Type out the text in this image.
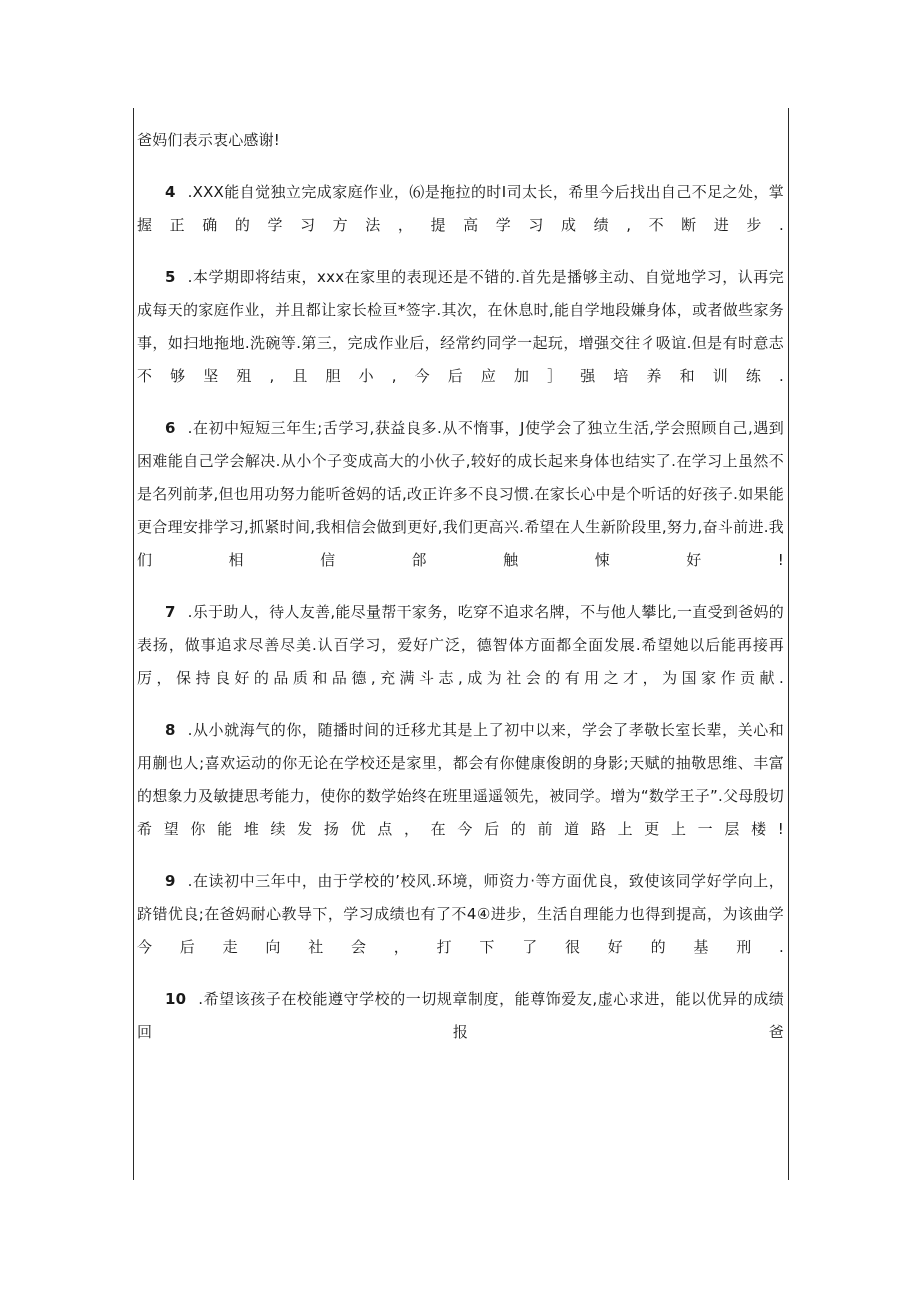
爸妈们表示衷心感谢!

4 .XXX能自觉独立完成家庭作业，⑹是拖拉的时I司太长，希里今后找出自己不足之处，掌握正确的学习方法，提高学习成绩,不断进步.

5 .本学期即将结束，xxx在家里的表现还是不错的.首先是播够主动、自觉地学习，认再完成每天的家庭作业，并且都让家长检亘*签字.其次，在休息时,能自学地段嫌身体，或者做些家务事，如扫地拖地.洗碗等.第三，完成作业后，经常约同学一起玩，增强交往彳吸谊.但是有时意志不够坚殂,且胆小,今后应加］强培养和训练.

6 .在初中短短三年生;舌学习,获益良多.从不惰事，J使学会了独立生活,学会照顾自己,遇到困难能自己学会解决.从小个子变成高大的小伙子,较好的成长起来身体也结实了.在学习上虽然不是名列前茅,但也用功努力能听爸妈的话,改正许多不良习惯.在家长心中是个听话的好孩子.如果能更合理安排学习,抓紧时间,我相信会做到更好,我们更高兴.希望在人生新阶段里,努力,奋斗前进.我们相信郃触悚好!

7 .乐于助人，待人友善,能尽量帮干家务，吃穿不追求名牌，不与他人攀比,一直受到爸妈的表扬，做事追求尽善尽美.认百学习，爱好广泛，德智体方面都全面发展.希望她以后能再接再厉，保持良好的品质和品德,充满斗志,成为社会的有用之才，为国家作贡献.

8 .从小就海气的你，随播时间的迁移尤其是上了初中以来，学会了孝敬长室长辈，关心和用蒯也人;喜欢运动的你无论在学校还是家里，都会有你健康俊朗的身影;天赋的抽敬思维、丰富的想象力及敏捷思考能力，使你的数学始终在班里遥遥领先，被同学。增为“数学王子”.父母殷切希望你能堆续发扬优点，在今后的前道路上更上一层楼!

9 .在读初中三年中，由于学校的’校风.环境，师资力·等方面优良，致使该同学好学向上，跻错优良;在爸妈耐心教导下，学习成绩也有了不4④进步，生活自理能力也得到提高，为该曲学今后走向社会，打下了很好的基刑.

10 .希望该孩子在校能遵守学校的一切规章制度，能尊饰爱友,虚心求进，能以优异的成绩回报爸
